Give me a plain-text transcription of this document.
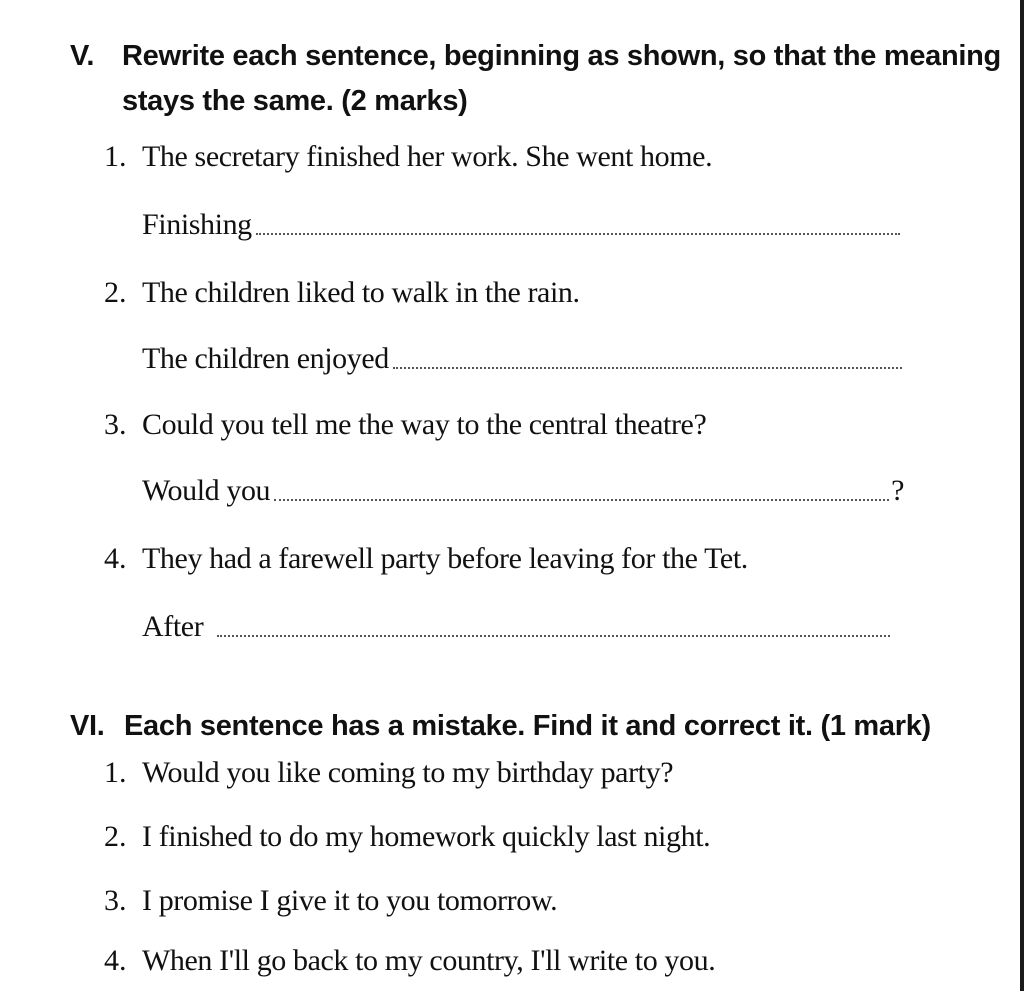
V. Rewrite each sentence, beginning as shown, so that the meaning
stays the same. (2 marks)
1. The secretary finished her work. She went home.
Finishing
2. The children liked to walk in the rain.
The children enjoyed
3. Could you tell me the way to the central theatre?
Would you	?
4. They had a farewell party before leaving for the Tet.
After
VI. Each sentence has a mistake. Find it and correct it. (1 mark)
1. Would you like coming to my birthday party?
2. I finished to do my homework quickly last night.
3. I promise I give it to you tomorrow.
4. When I'll go back to my country, I'll write to you.
